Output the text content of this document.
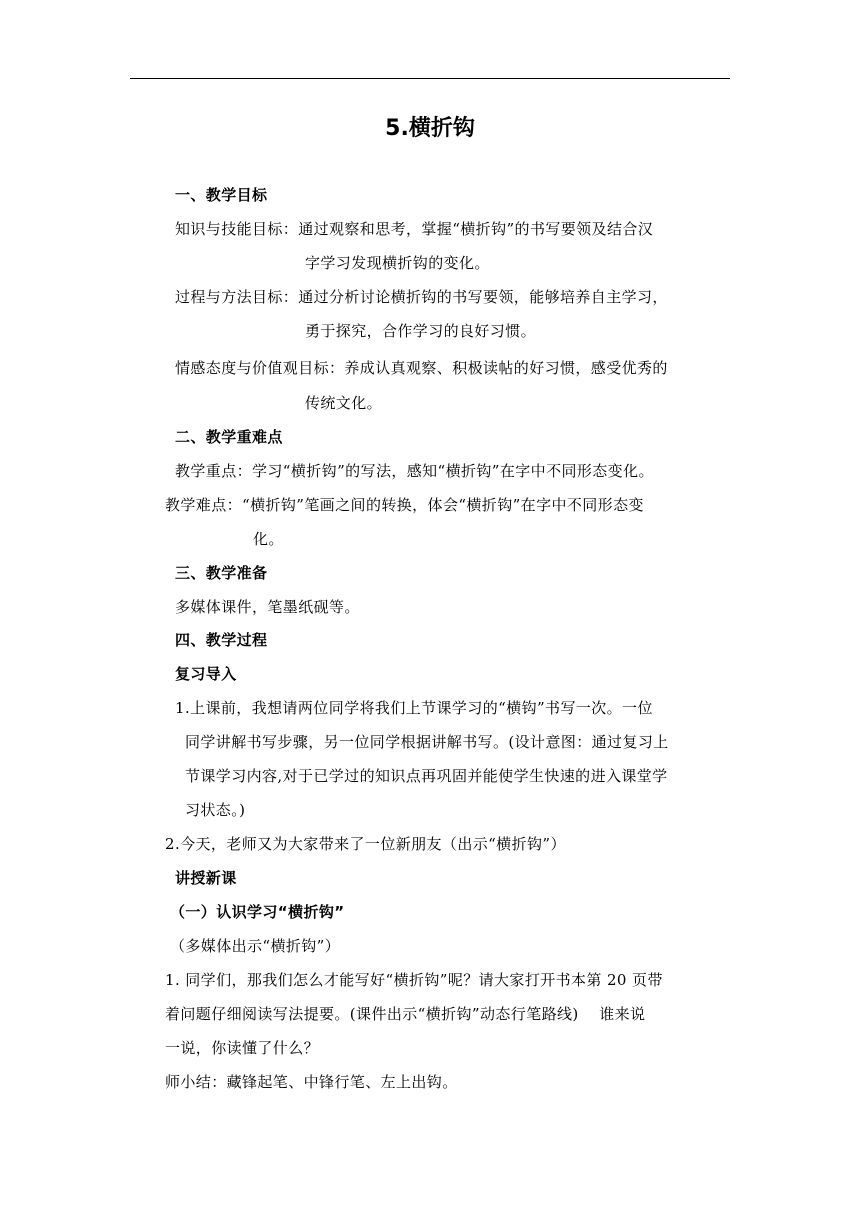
5.横折钩
一、教学目标
知识与技能目标：通过观察和思考，掌握“横折钩”的书写要领及结合汉
字学习发现横折钩的变化。
过程与方法目标：通过分析讨论横折钩的书写要领，能够培养自主学习，
勇于探究，合作学习的良好习惯。
情感态度与价值观目标：养成认真观察、积极读帖的好习惯，感受优秀的
传统文化。
二、教学重难点
教学重点：学习“横折钩”的写法，感知“横折钩”在字中不同形态变化。
教学难点：“横折钩”笔画之间的转换，体会“横折钩”在字中不同形态变
化。
三、教学准备
多媒体课件，笔墨纸砚等。
四、教学过程
复习导入
1.上课前，我想请两位同学将我们上节课学习的“横钩”书写一次。一位
同学讲解书写步骤，另一位同学根据讲解书写。(设计意图：通过复习上
节课学习内容,对于已学过的知识点再巩固并能使学生快速的进入课堂学
习状态。)
2.今天，老师又为大家带来了一位新朋友（出示“横折钩”）
讲授新课
（一）认识学习“横折钩”
（多媒体出示“横折钩”）
1. 同学们，那我们怎么才能写好“横折钩”呢？请大家打开书本第 20 页带
着问题仔细阅读写法提要。(课件出示“横折钩”动态行笔路线)　 谁来说
一说，你读懂了什么？
师小结：藏锋起笔、中锋行笔、左上出钩。
